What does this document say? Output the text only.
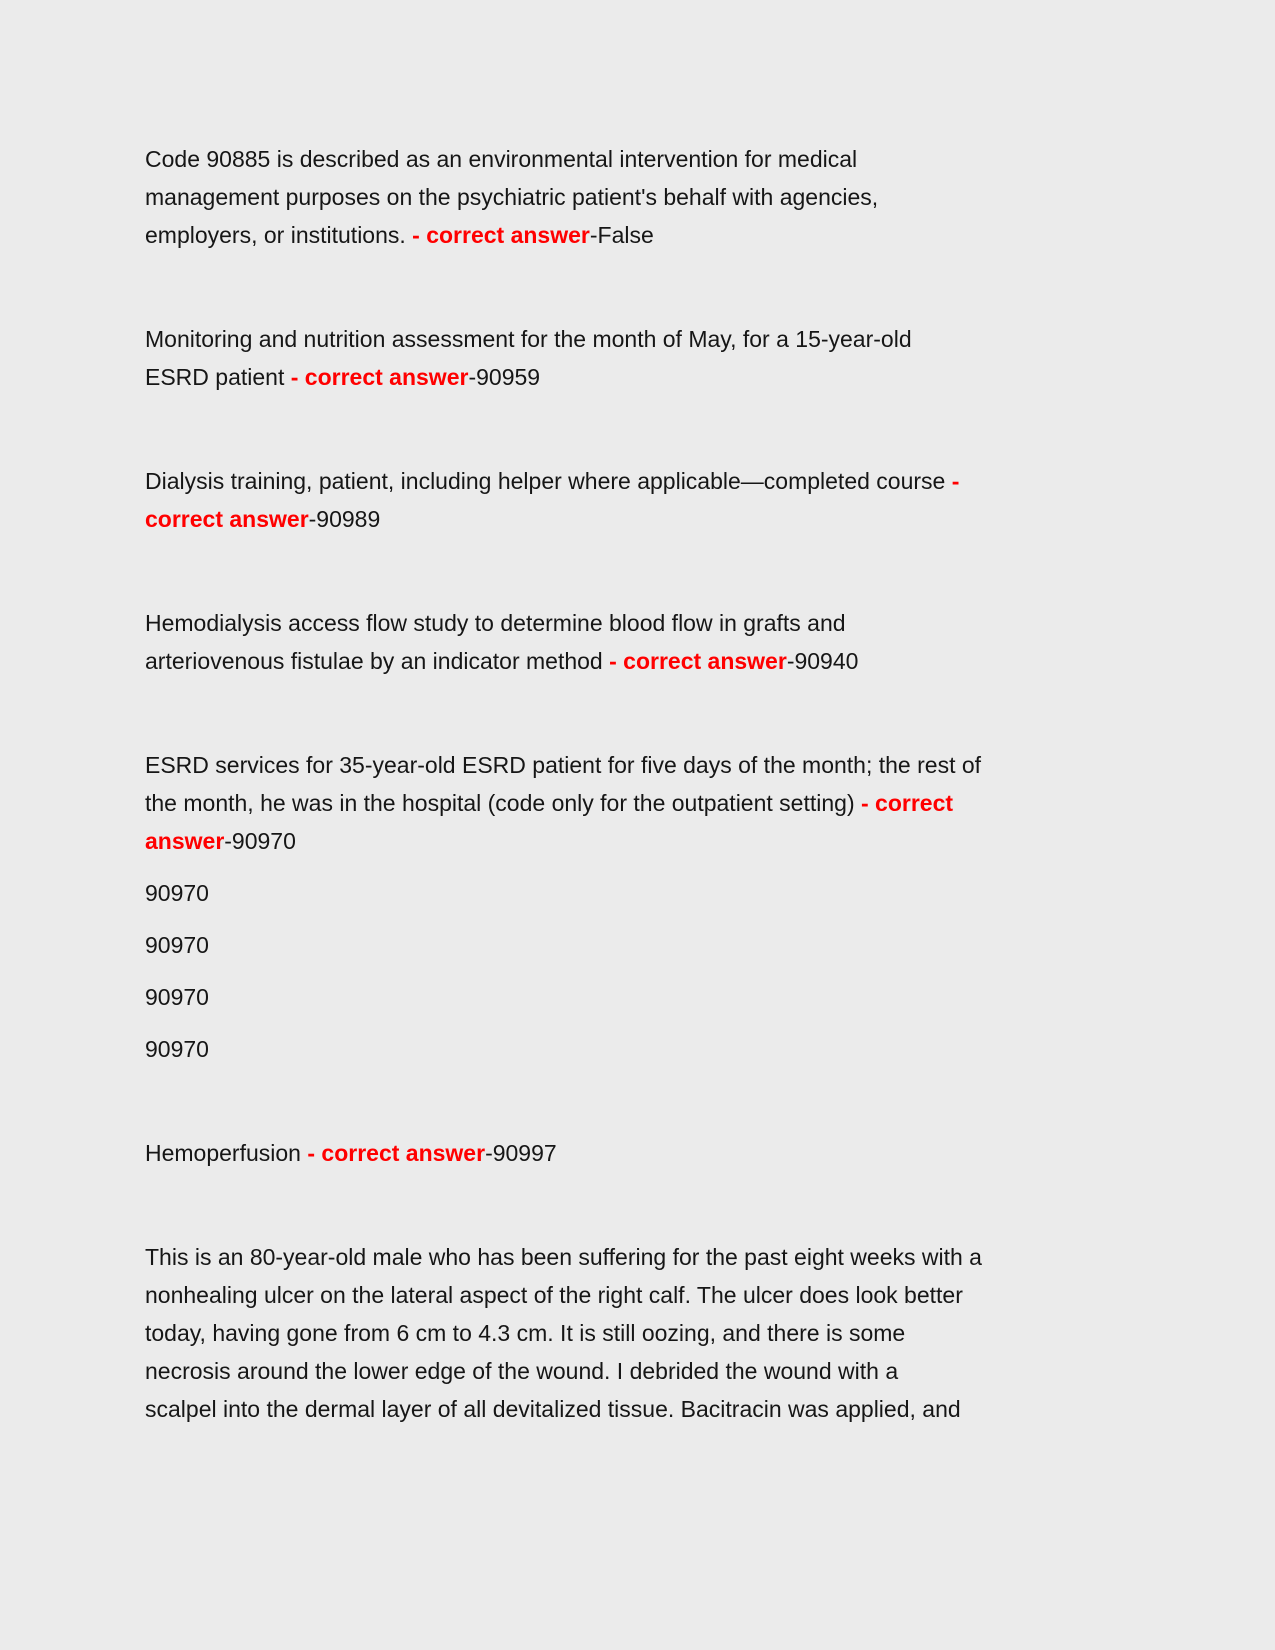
Code 90885 is described as an environmental intervention for medical
management purposes on the psychiatric patient's behalf with agencies,
employers, or institutions. - correct answer-False

Monitoring and nutrition assessment for the month of May, for a 15-year-old
ESRD patient - correct answer-90959

Dialysis training, patient, including helper where applicable—completed course -
correct answer-90989

Hemodialysis access flow study to determine blood flow in grafts and
arteriovenous fistulae by an indicator method - correct answer-90940

ESRD services for 35-year-old ESRD patient for five days of the month; the rest of
the month, he was in the hospital (code only for the outpatient setting) - correct
answer-90970

90970

90970

90970

90970

Hemoperfusion - correct answer-90997

This is an 80-year-old male who has been suffering for the past eight weeks with a
nonhealing ulcer on the lateral aspect of the right calf. The ulcer does look better
today, having gone from 6 cm to 4.3 cm. It is still oozing, and there is some
necrosis around the lower edge of the wound. I debrided the wound with a
scalpel into the dermal layer of all devitalized tissue. Bacitracin was applied, and
